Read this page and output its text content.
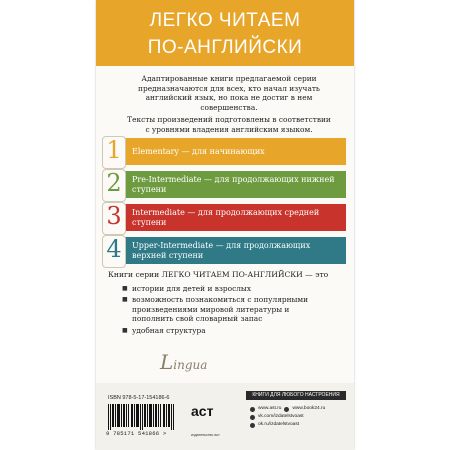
ЛЕГКО ЧИТАЕМ
ПО-АНГЛИЙСКИ
Адаптированные книги предлагаемой серии предназначаются для всех, кто начал изучать английский язык, но пока не достиг в нем совершенства.
Тексты произведений подготовлены в соответствии с уровнями владения английским языком.
1	Elementary — для начинающих
2	Pre-Intermediate — для продолжающих нижней ступени
3	Intermediate — для продолжающих средней ступени
4	Upper-Intermediate — для продолжающих верхней ступени
Книги серии ЛЕГКО ЧИТАЕМ ПО-АНГЛИЙСКИ — это
■ истории для детей и взрослых
■ возможность познакомиться с популярными произведениями мировой литературы и пополнить свой словарный запас
■ удобная структура
Lingua
ISBN 978-5-17-154186-6
9 785171 541866 >
аст
издательство аст
КНИГИ ДЛЯ ЛЮБОГО НАСТРОЕНИЯ ЗДЕСЬ
www.ast.ru www.book24.ru
vk.com/izdatelstvoast
ok.ru/izdatelstvoast
